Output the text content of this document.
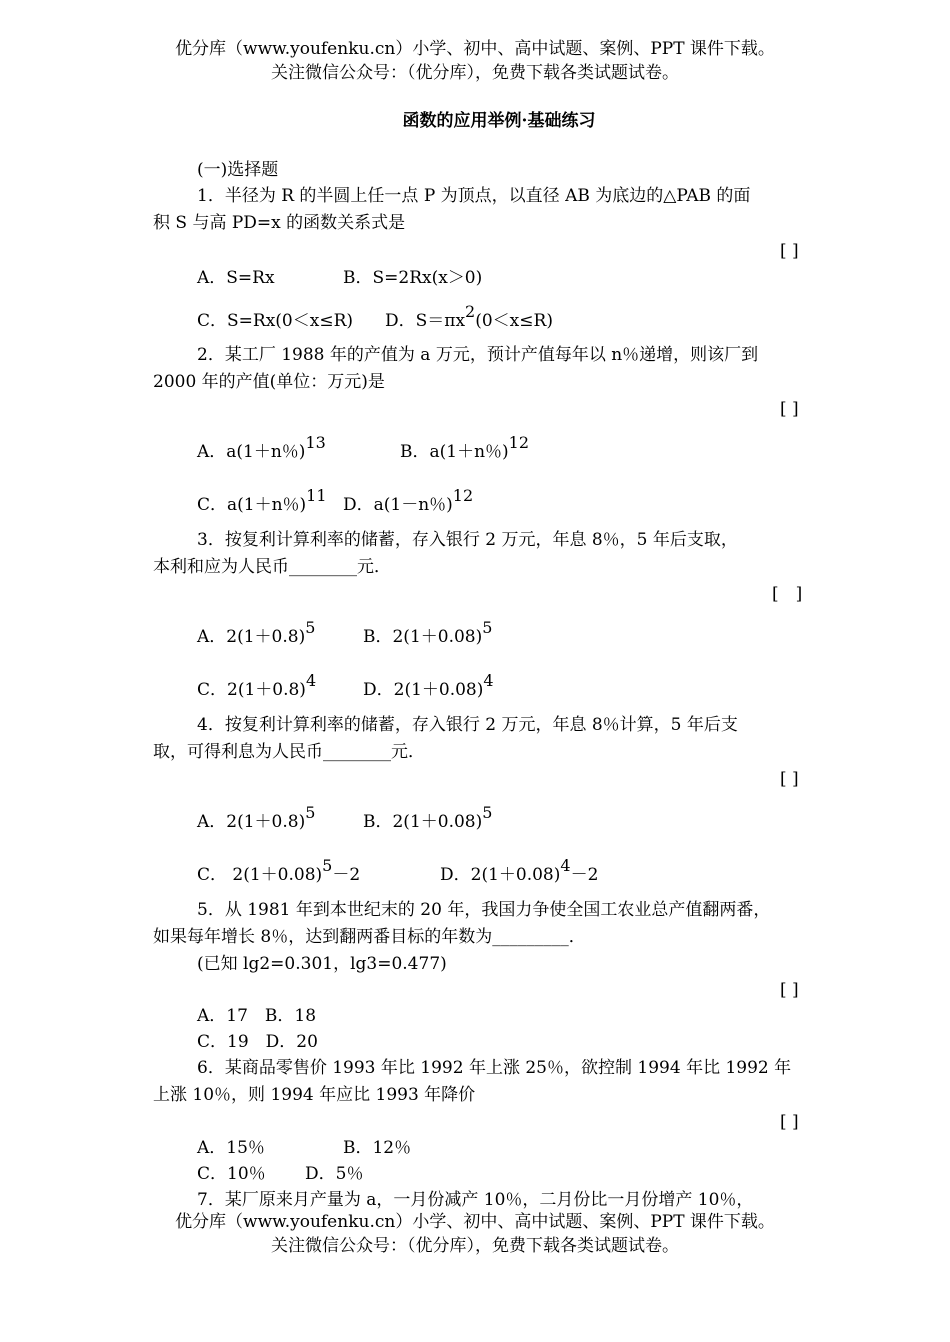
优分库（www.youfenku.cn）小学、初中、高中试题、案例、PPT 课件下载。
关注微信公众号：（优分库），免费下载各类试题试卷。
函数的应用举例·基础练习
(一)选择题
1．半径为 R 的半圆上任一点 P 为顶点，以直径 AB 为底边的△PAB 的面
积 S 与高 PD=x 的函数关系式是
[ ]
A．S=Rx	B．S=2Rx(x＞0)
C．S=Rx(0＜x≤R) D．$S=\pi x^2(0<x\le R)$
2．某工厂 1988 年的产值为 a 万元，预计产值每年以 n％递增，则该厂到
2000 年的产值(单位：万元)是
[ ]
A．a(1＋n％)$^{13}$	B．a(1＋n％)$^{12}$
C．a(1＋n％)$^{11}$ D．a(1－n％)$^{12}$
3．按复利计算利率的储蓄，存入银行 2 万元，年息 8％，5 年后支取，
本利和应为人民币________元．
[　]
A．$2(1+0.8)^5$	B．$2(1+0.08)^5$
C．$2(1+0.8)^4$	D．$2(1+0.08)^4$
4．按复利计算利率的储蓄，存入银行 2 万元，年息 8％计算，5 年后支
取，可得利息为人民币________元．
[ ]
A．$2(1+0.8)^5$	B．$2(1+0.08)^5$
C． $2(1+0.08)^5-2$	D．$2(1+0.08)^4-2$
5．从 1981 年到本世纪末的 20 年，我国力争使全国工农业总产值翻两番，
如果每年增长 8％，达到翻两番目标的年数为_________．
(已知 lg2=0.301，lg3=0.477)
[ ]
A．17　B．18
C．19　D．20
6．某商品零售价 1993 年比 1992 年上涨 25％，欲控制 1994 年比 1992 年
上涨 10％，则 1994 年应比 1993 年降价
[ ]
A．15％	B．12％
C．10％ D．5％
7．某厂原来月产量为 a，一月份减产 10％，二月份比一月份增产 10％，
优分库（www.youfenku.cn）小学、初中、高中试题、案例、PPT 课件下载。
关注微信公众号：（优分库），免费下载各类试题试卷。
